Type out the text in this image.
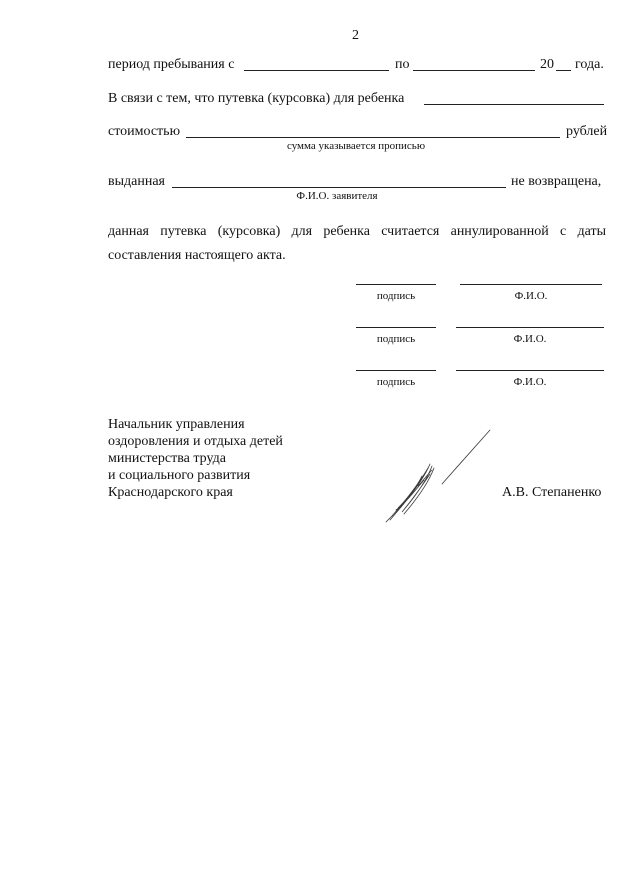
2
период пребывания с	по	20 года.
В связи с тем, что путевка (курсовка) для ребенка
стоимостью	рублей
сумма указывается прописью
выданная	не возвращена,
Ф.И.О. заявителя
данная путевка (курсовка) для ребенка считается аннулированной с даты составления настоящего акта.
подпись	Ф.И.О.
подпись	Ф.И.О.
подпись	Ф.И.О.
Начальник управления
оздоровления и отдыха детей
министерства труда
и социального развития
Краснодарского края	А.В. Степаненко
